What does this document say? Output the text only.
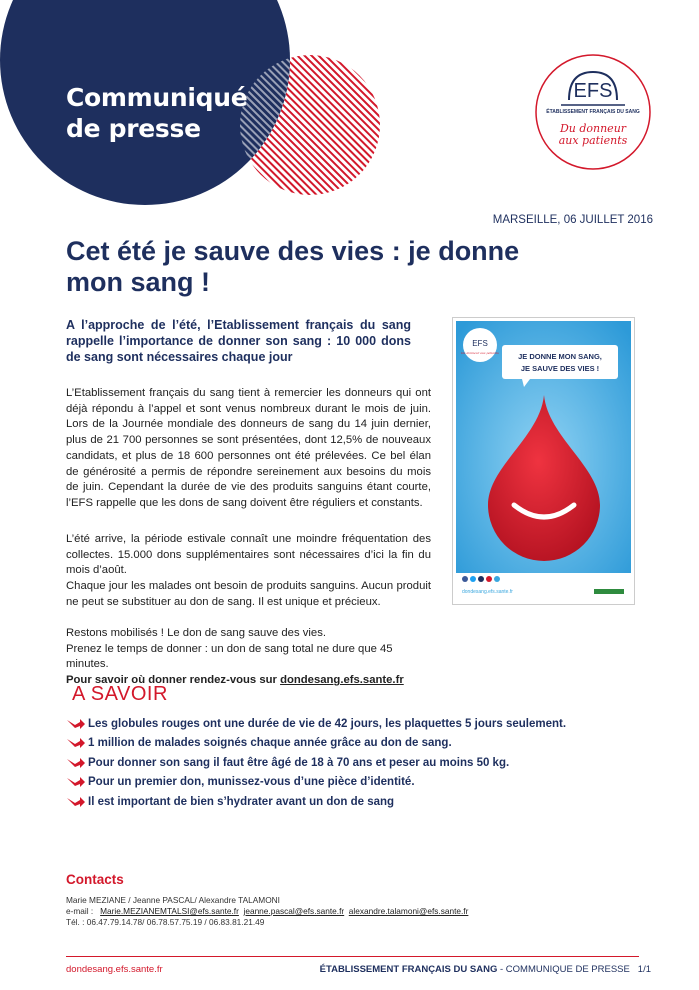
Communiqué
de presse
EFS
ÉTABLISSEMENT FRANÇAIS DU SANG
Du donneur
aux patients
MARSEILLE, 06 JUILLET 2016
Cet été je sauve des vies : je donne
mon sang !
A l’approche de l’été, l’Etablissement français du sang rappelle l’importance de donner son sang : 10 000 dons de sang sont nécessaires chaque jour
L’Etablissement français du sang tient à remercier les donneurs qui ont déjà répondu à l’appel et sont venus nombreux durant le mois de juin. Lors de la Journée mondiale des donneurs de sang du 14 juin dernier, plus de 21 700 personnes se sont présentées, dont 12,5% de nouveaux candidats, et plus de 18 600 personnes ont été prélevées. Ce bel élan de générosité a permis de répondre sereinement aux besoins du mois de juin. Cependant la durée de vie des produits sanguins étant courte, l’EFS rappelle que les dons de sang doivent être réguliers et constants.
L’été arrive, la période estivale connaît une moindre fréquentation des collectes. 15.000 dons supplémentaires sont nécessaires d’ici la fin du mois d’août.
Chaque jour les malades ont besoin de produits sanguins. Aucun produit ne peut se substituer au don de sang. Il est unique et précieux.
Restons mobilisés ! Le don de sang sauve des vies.
Prenez le temps de donner : un don de sang total ne dure que 45 minutes.
Pour savoir où donner rendez-vous sur dondesang.efs.sante.fr
EFS
Du donneur aux patients	JE DONNE MON SANG,
JE SAUVE DES VIES !
dondesang.efs.sante.fr
A SAVOIR
Les globules rouges ont une durée de vie de 42 jours, les plaquettes 5 jours seulement.
1 million de malades soignés chaque année grâce au don de sang.
Pour donner son sang il faut être âgé de 18 à 70 ans et peser au moins 50 kg.
Pour un premier don, munissez-vous d’une pièce d’identité.
Il est important de bien s’hydrater avant un don de sang
Contacts
Marie MEZIANE / Jeanne PASCAL/ Alexandre TALAMONI
e-mail : Marie.MEZIANEMTALSI@efs.sante.fr jeanne.pascal@efs.sante.fr alexandre.talamoni@efs.sante.fr
Tél. : 06.47.79.14.78/ 06.78.57.75.19 / 06.83.81.21.49
dondesang.efs.sante.fr	ÉTABLISSEMENT FRANÇAIS DU SANG - COMMUNIQUE DE PRESSE 1/1
